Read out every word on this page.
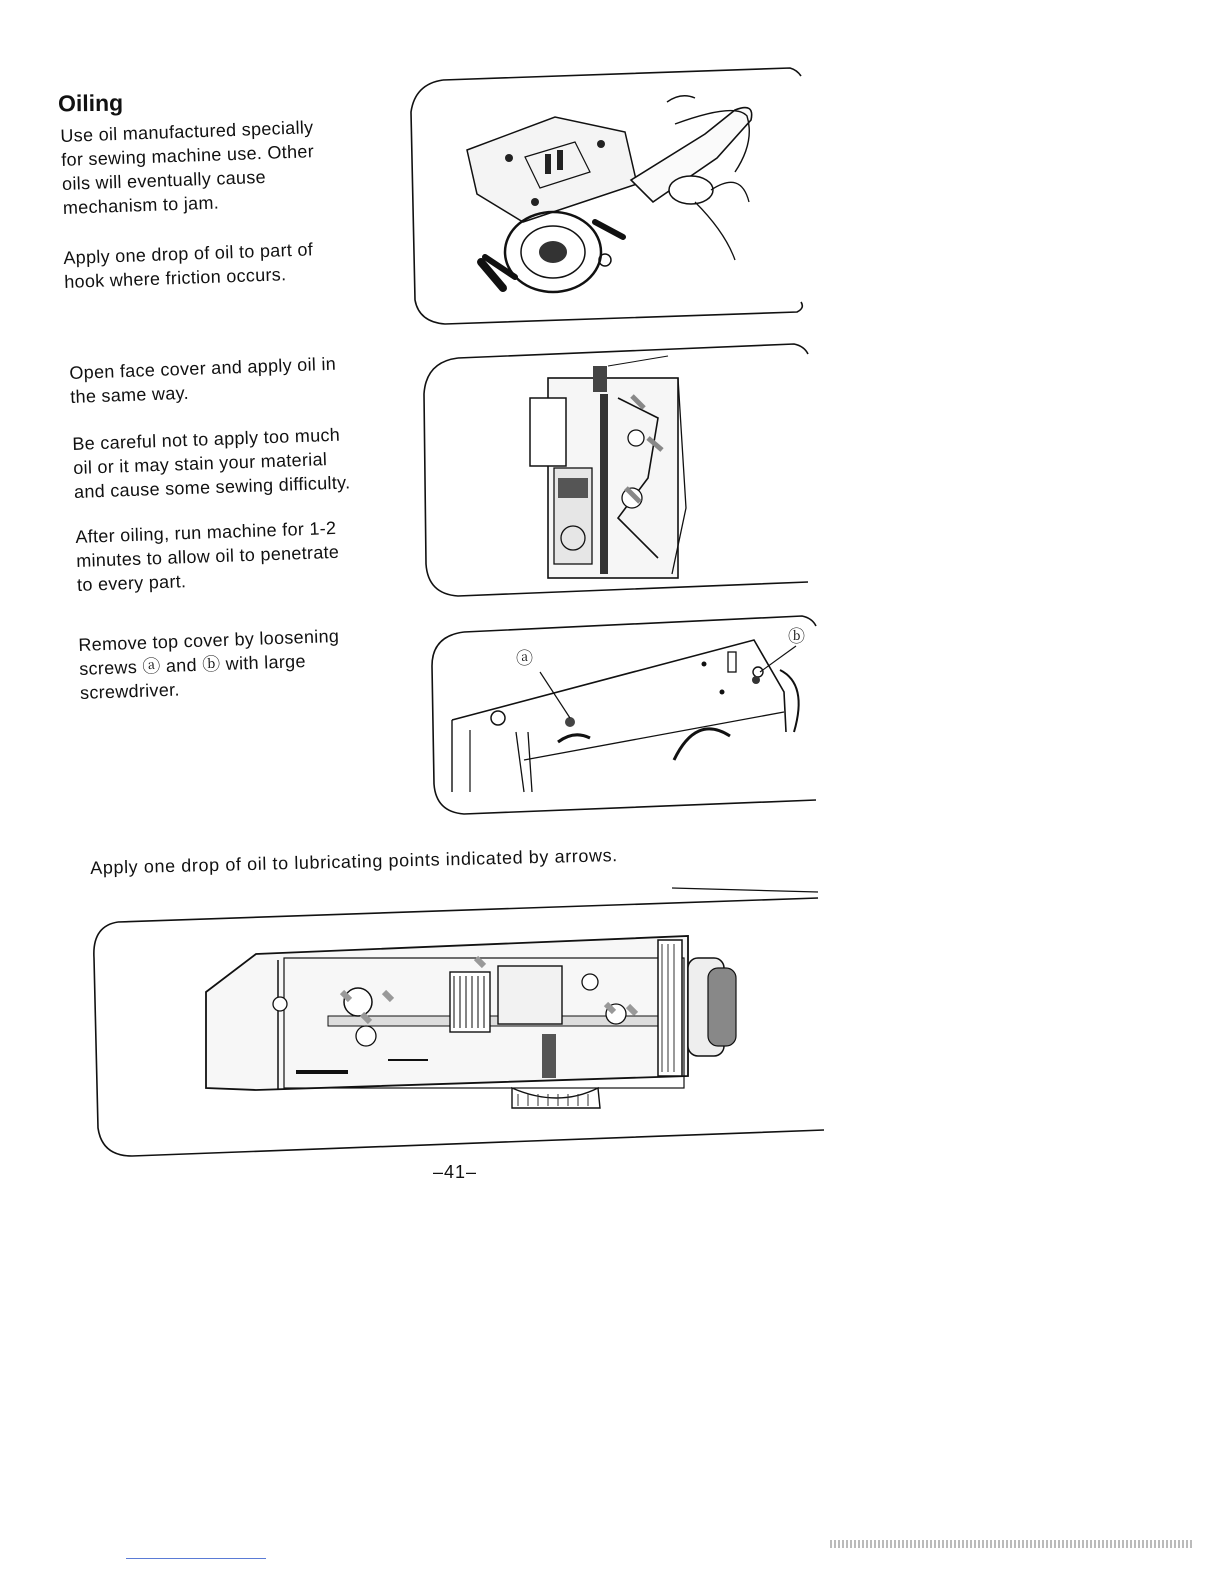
Oiling
Use oil manufactured specially
for sewing machine use. Other
oils will eventually cause
mechanism to jam.
Apply one drop of oil to part of
hook where friction occurs.
Open face cover and apply oil in
the same way.
Be careful not to apply too much
oil or it may stain your material
and cause some sewing difficulty.
After oiling, run machine for 1-2
minutes to allow oil to penetrate
to every part.
Remove top cover by loosening
screws ⓐ and ⓑ with large
screwdriver.
ⓐ
ⓑ
Apply one drop of oil to lubricating points indicated by arrows.
–41–
